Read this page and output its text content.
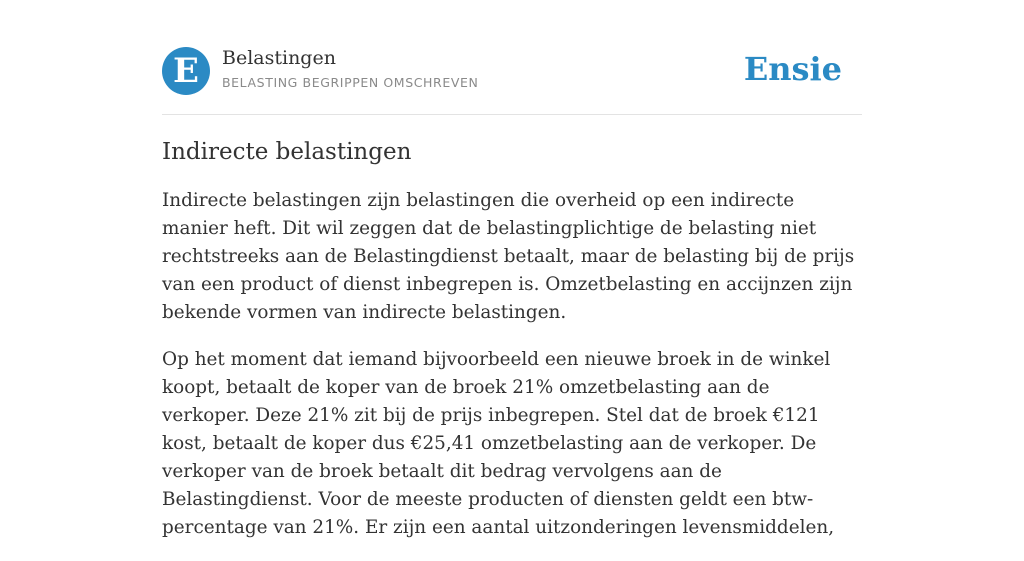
E	Belastingen
BELASTING BEGRIPPEN OMSCHREVEN	Ensie
Indirecte belastingen

Indirecte belastingen zijn belastingen die overheid op een indirecte manier heft. Dit wil zeggen dat de belastingplichtige de belasting niet rechtstreeks aan de Belastingdienst betaalt, maar de belasting bij de prijs van een product of dienst inbegrepen is. Omzetbelasting en accijnzen zijn bekende vormen van indirecte belastingen.

Op het moment dat iemand bijvoorbeeld een nieuwe broek in de winkel koopt, betaalt de koper van de broek 21% omzetbelasting aan de verkoper. Deze 21% zit bij de prijs inbegrepen. Stel dat de broek €121 kost, betaalt de koper dus €25,41 omzetbelasting aan de verkoper. De verkoper van de broek betaalt dit bedrag vervolgens aan de Belastingdienst. Voor de meeste producten of diensten geldt een btw-percentage van 21%. Er zijn een aantal uitzonderingen levensmiddelen,
